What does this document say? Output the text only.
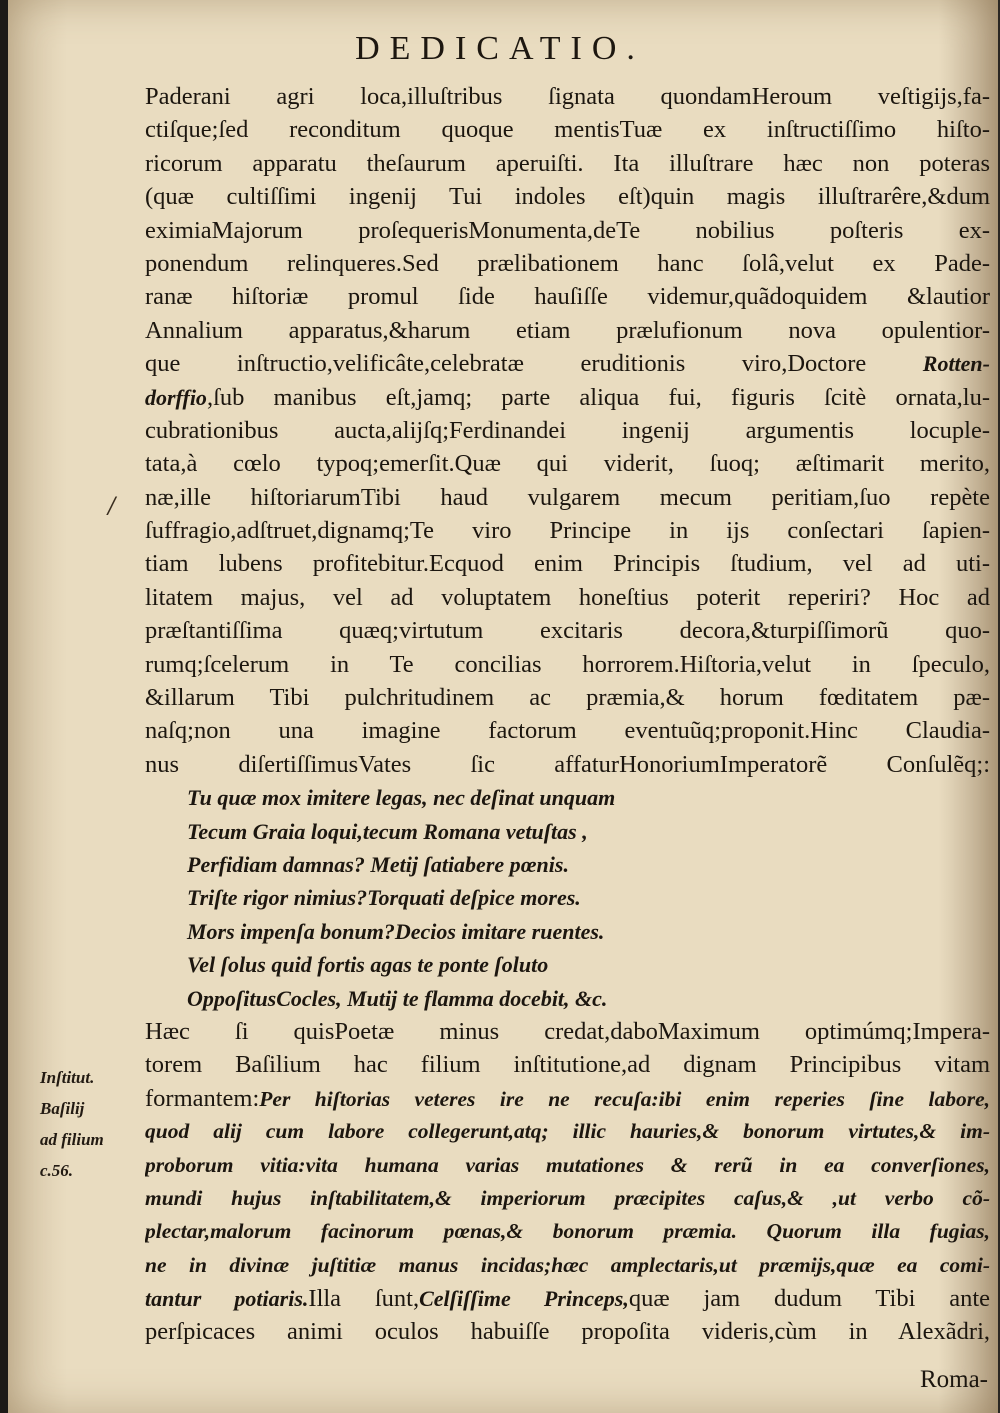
DEDICATIO.
/
Paderani agri loca,illuſtribus ſignata quondamHeroum veſtigijs,fa-
ctiſque;ſed reconditum quoque mentisTuæ ex inſtructiſſimo hiſto-
ricorum apparatu theſaurum aperuiſti. Ita illuſtrare hæc non poteras
(quæ cultiſſimi ingenij Tui indoles eſt)quin magis illuſtrarêre,&dum
eximiaMajorum proſequerisMonumenta,deTe nobilius poſteris ex-
ponendum relinqueres.Sed prælibationem hanc ſolâ,velut ex Pade-
ranæ hiſtoriæ promul ſide hauſiſſe videmur,quãdoquidem &lautior
Annalium apparatus,&harum etiam prælufionum nova opulentior-
que inſtructio,velificâte,celebratæ eruditionis viro,Doctore Rotten-
dorffio,ſub manibus eſt,jamq; parte aliqua fui, figuris ſcitè ornata,lu-
cubrationibus aucta,alijſq;Ferdinandei ingenij argumentis locuple-
tata,à cœlo typoq;emerſit.Quæ qui viderit, ſuoq; æſtimarit merito,
næ,ille hiſtoriarumTibi haud vulgarem mecum peritiam,ſuo repète
ſuffragio,adſtruet,dignamq;Te viro Principe in ijs conſectari ſapien-
tiam lubens profitebitur.Ecquod enim Principis ſtudium, vel ad uti-
litatem majus, vel ad voluptatem honeſtius poterit reperiri? Hoc ad
præſtantiſſima quæq;virtutum excitaris decora,&turpiſſimorũ quo-
rumq;ſcelerum in Te concilias horrorem.Hiſtoria,velut in ſpeculo,
&illarum Tibi pulchritudinem ac præmia,& horum fœditatem pæ-
naſq;non una imagine factorum eventuũq;proponit.Hinc Claudia-
nus diſertiſſimusVates ſic affaturHonoriumImperatorẽ Conſulẽq;:
Tu quæ mox imitere legas, nec deſinat unquam
Tecum Graia loqui,tecum Romana vetuſtas ,
Perfidiam damnas? Metij ſatiabere pœnis.
Triſte rigor nimius?Torquati deſpice mores.
Mors impenſa bonum?Decios imitare ruentes.
Vel ſolus quid fortis agas te ponte ſoluto
OppoſitusCocles, Mutij te flamma docebit, &c.
Hæc ſi quisPoetæ minus credat,daboMaximum optimúmq;Impera-
torem Baſilium hac filium inſtitutione,ad dignam Principibus vitam
formantem:Per hiſtorias veteres ire ne recuſa:ibi enim reperies ſine labore,
quod alij cum labore collegerunt,atq; illic hauries,& bonorum virtutes,& im-
proborum vitia:vita humana varias mutationes & rerũ in ea converſiones,
mundi hujus inſtabilitatem,& imperiorum præcipites caſus,& ,ut verbo cõ-
plectar,malorum facinorum pœnas,& bonorum præmia. Quorum illa fugias,
ne in divinæ juſtitiæ manus incidas;hæc amplectaris,ut præmijs,quæ ea comi-
tantur potiaris.Illa ſunt,Celſiſſime Princeps,quæ jam dudum Tibi ante
perſpicaces animi oculos habuiſſe propoſita videris,cùm in Alexãdri,
Inſtitut.
Baſilij
ad filium
c.56.
Roma-
